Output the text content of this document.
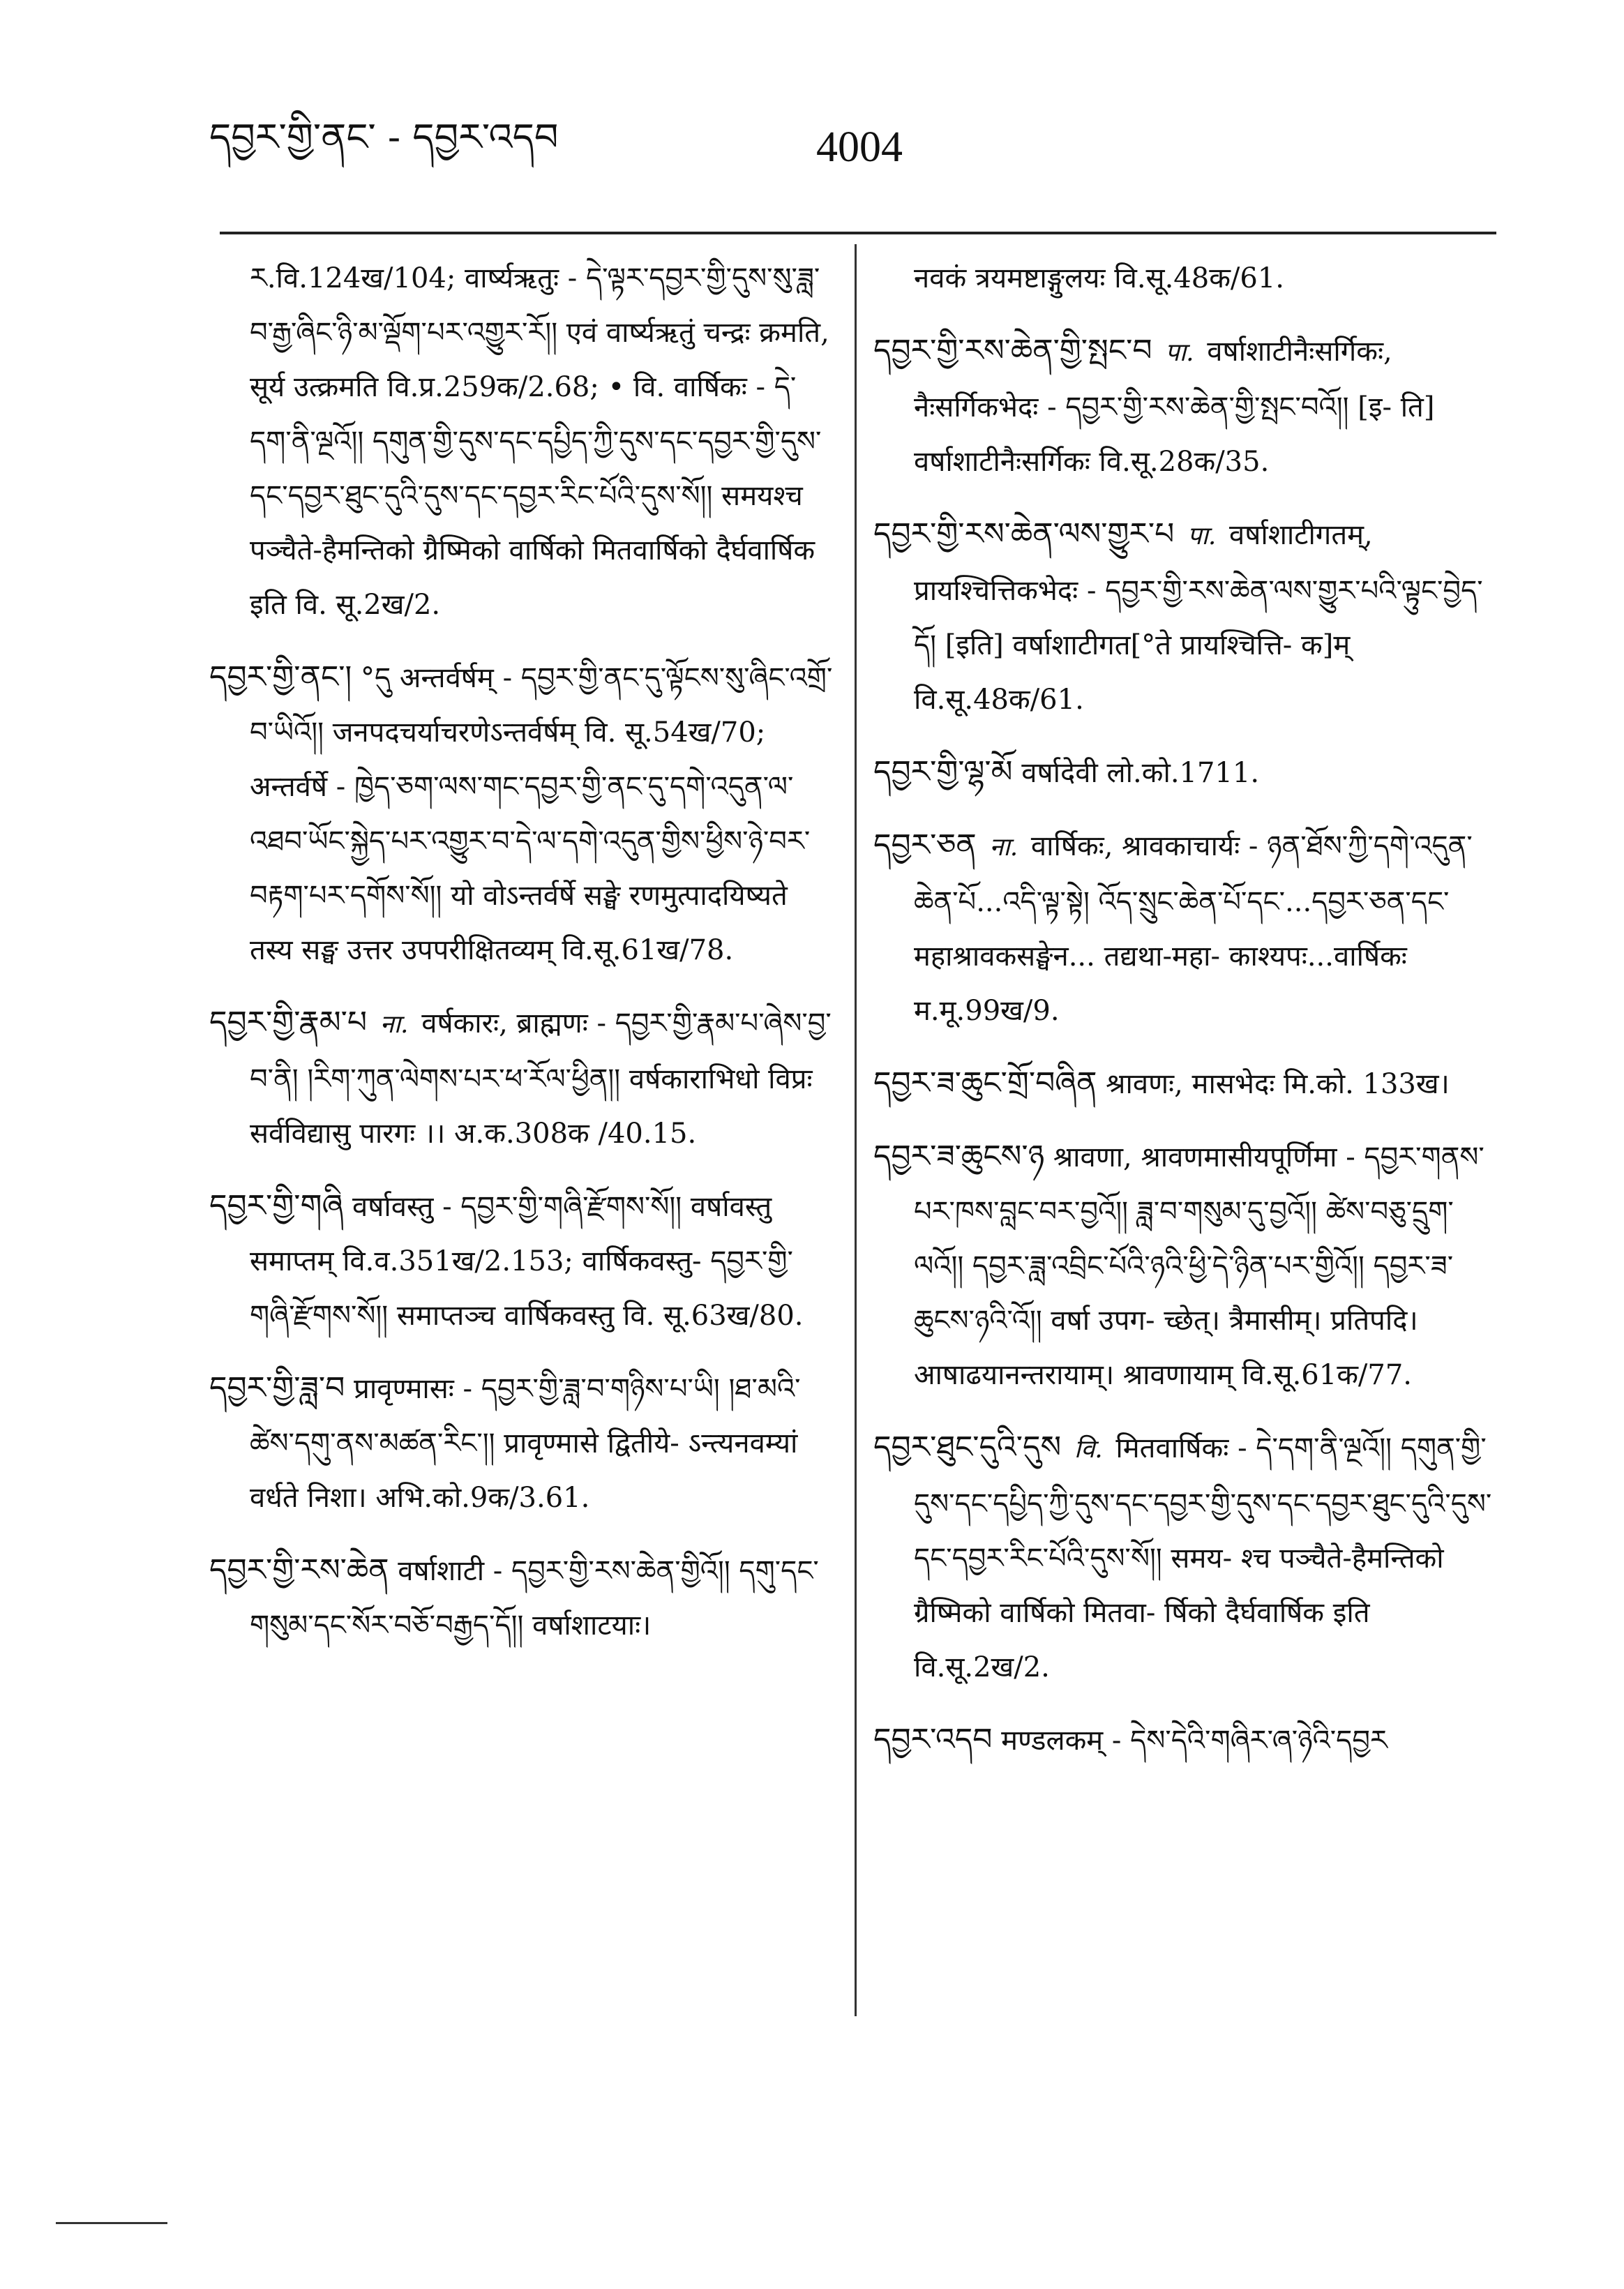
དབྱར་གྱི་ནང་ - དབྱར་འདབ	4004
ར.वि.124ख/104; वार्ष्यऋतुः - དེ་ལྟར་དབྱར་གྱི་དུས་སུ་ཟླ་བ་རྒྱ་ཞིང་ཉི་མ་ལྡོག་པར་འགྱུར་རོ།། एवं वार्ष्यऋतुं चन्द्रः क्रमति, सूर्य उत्क्रमति वि.प्र.259क/2.68; • वि. वार्षिकः - དེ་དག་ནི་ལྔའོ།། དགུན་གྱི་དུས་དང་དཔྱིད་ཀྱི་དུས་དང་དབྱར་གྱི་དུས་དང་དབྱར་ཐུང་དུའི་དུས་དང་དབྱར་རིང་པོའི་དུས་སོ།། समयश्च पञ्चैते-हैमन्तिको ग्रैष्मिको वार्षिको मितवार्षिको दैर्घवार्षिक इति वि. सू.2ख/2.
དབྱར་གྱི་ནང་། °དུ अन्तर्वर्षम् - དབྱར་གྱི་ནང་དུ་ལྟོངས་སུ་ཞིང་འགྲོ་བ་ཡིའོ།། जनपदचर्याचरणेऽन्तर्वर्षम् वि. सू.54ख/70; अन्तर्वर्षे - ཁྱེད་ཅག་ལས་གང་དབྱར་གྱི་ནང་དུ་དགེ་འདུན་ལ་འཐབ་ཡོང་སྐྱེད་པར་འགྱུར་བ་དེ་ལ་དགེ་འདུན་གྱིས་ཕྱིས་ཉེ་བར་བརྟག་པར་དགོས་སོ།། यो वोऽन्तर्वर्षे सङ्घे रणमुत्पादयिष्यते तस्य सङ्घ उत्तर उपपरीक्षितव्यम् वि.सू.61ख/78.
དབྱར་གྱི་རྣམ་པ ना. वर्षकारः, ब्राह्मणः - དབྱར་གྱི་རྣམ་པ་ཞེས་བྱ་བ་ནི། །རིག་ཀུན་ལེགས་པར་ཕ་རོལ་ཕྱིན།། वर्षकाराभिधो विप्रः सर्वविद्यासु पारगः ।। अ.क.308क /40.15.
དབྱར་གྱི་གཞི वर्षावस्तु - དབྱར་གྱི་གཞི་རྫོགས་སོ།། वर्षावस्तु समाप्तम् वि.व.351ख/2.153; वार्षिकवस्तु- དབྱར་གྱི་གཞི་རྫོགས་སོ།། समाप्तञ्च वार्षिकवस्तु वि. सू.63ख/80.
དབྱར་གྱི་ཟླ་བ प्रावृण्मासः - དབྱར་གྱི་ཟླ་བ་གཉིས་པ་ཡི། །ཐ་མའི་ཚེས་དགུ་ནས་མཚན་རིང་།། प्रावृण्मासे द्वितीये- ऽन्त्यनवम्यां वर्धते निशा। अभि.को.9क/3.61.
དབྱར་གྱི་རས་ཆེན वर्षाशाटी - དབྱར་གྱི་རས་ཆེན་གྱིའོ།། དགུ་དང་གསུམ་དང་སོར་བཅོ་བརྒྱད་དོ།། वर्षाशाटयाः।
नवकं त्रयमष्टाङ्गुलयः वि.सू.48क/61.
དབྱར་གྱི་རས་ཆེན་གྱི་སྤང་བ पा. वर्षाशाटीनैःसर्गिकः, नैःसर्गिकभेदः - དབྱར་གྱི་རས་ཆེན་གྱི་སྤང་བའོ།། [इ- ति] वर्षाशाटीनैःसर्गिकः वि.सू.28क/35.
དབྱར་གྱི་རས་ཆེན་ལས་གྱུར་པ पा. वर्षाशाटीगतम्, प्रायश्चित्तिकभेदः - དབྱར་གྱི་རས་ཆེན་ལས་གྱུར་པའི་ལྟུང་བྱེད་དོ། [इति] वर्षाशाटीगत[°ते प्रायश्चित्ति- क]म् वि.सू.48क/61.
དབྱར་གྱི་ལྷ་མོ वर्षादेवी लो.को.1711.
དབྱར་ཅན ना. वार्षिकः, श्रावकाचार्यः - ཉན་ཐོས་ཀྱི་དགེ་འདུན་ཆེན་པོ...འདི་ལྟ་སྟེ། འོད་སྲུང་ཆེན་པོ་དང་...དབྱར་ཅན་དང་ महाश्रावकसङ्घेन... तद्यथा-महा- काश्यपः...वार्षिकः म.मू.99ख/9.
དབྱར་ཟ་ཆུང་གྲོ་བཞིན श्रावणः, मासभेदः मि.को. 133ख।
དབྱར་ཟ་ཆུངས་ཉ श्रावणा, श्रावणमासीयपूर्णिमा - དབྱར་གནས་པར་ཁས་བླང་བར་བྱའོ།། ཟླ་བ་གསུམ་དུ་བྱའོ།། ཚེས་བཅུ་དྲུག་ལའོ།། དབྱར་ཟླ་འབྲིང་པོའི་ཉའི་ཕྱི་དེ་ཉིན་པར་གྱིའོ།། དབྱར་ཟ་ཆུངས་ཉའི་འོ།། वर्षा उपग- च्छेत्। त्रैमासीम्। प्रतिपदि। आषाढयानन्तरायाम्। श्रावणायाम् वि.सू.61क/77.
དབྱར་ཐུང་དུའི་དུས वि. मितवार्षिकः - དེ་དག་ནི་ལྔའོ།། དགུན་གྱི་དུས་དང་དཔྱིད་ཀྱི་དུས་དང་དབྱར་གྱི་དུས་དང་དབྱར་ཐུང་དུའི་དུས་དང་དབྱར་རིང་པོའི་དུས་སོ།། समय- श्च पञ्चैते-हैमन्तिको ग्रैष्मिको वार्षिको मितवा- र्षिको दैर्घवार्षिक इति वि.सू.2ख/2.
དབྱར་འདབ मण्डलकम् - དེས་དེའི་གཞིར་ཞ་ཉེའི་དབྱར
